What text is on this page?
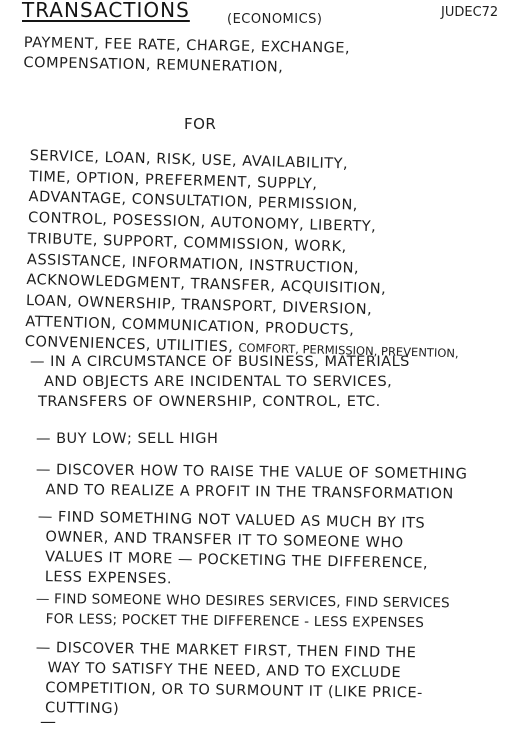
TRANSACTIONS	(ECONOMICS)	JUDEC72

PAYMENT, FEE RATE, CHARGE, EXCHANGE,
COMPENSATION, REMUNERATION,

FOR

SERVICE, LOAN, RISK, USE, AVAILABILITY,
TIME, OPTION, PREFERMENT, SUPPLY,
ADVANTAGE, CONSULTATION, PERMISSION,
CONTROL, POSESSION, AUTONOMY, LIBERTY,
TRIBUTE, SUPPORT, COMMISSION, WORK,
ASSISTANCE, INFORMATION, INSTRUCTION,
ACKNOWLEDGMENT, TRANSFER, ACQUISITION,
LOAN, OWNERSHIP, TRANSPORT, DIVERSION,
ATTENTION, COMMUNICATION, PRODUCTS,
CONVENIENCES, UTILITIES, COMFORT, PERMISSION, PREVENTION,
— IN A CIRCUMSTANCE OF BUSINESS, MATERIALS
AND OBJECTS ARE INCIDENTAL TO SERVICES,
TRANSFERS OF OWNERSHIP, CONTROL, ETC.
— BUY LOW; SELL HIGH
— DISCOVER HOW TO RAISE THE VALUE OF SOMETHING
AND TO REALIZE A PROFIT IN THE TRANSFORMATION
— FIND SOMETHING NOT VALUED AS MUCH BY ITS
OWNER, AND TRANSFER IT TO SOMEONE WHO
VALUES IT MORE — POCKETING THE DIFFERENCE,
LESS EXPENSES.
— FIND SOMEONE WHO DESIRES SERVICES, FIND SERVICES
FOR LESS; POCKET THE DIFFERENCE - LESS EXPENSES
— DISCOVER THE MARKET FIRST, THEN FIND THE
WAY TO SATISFY THE NEED, AND TO EXCLUDE
COMPETITION, OR TO SURMOUNT IT (LIKE PRICE-
CUTTING)

—
